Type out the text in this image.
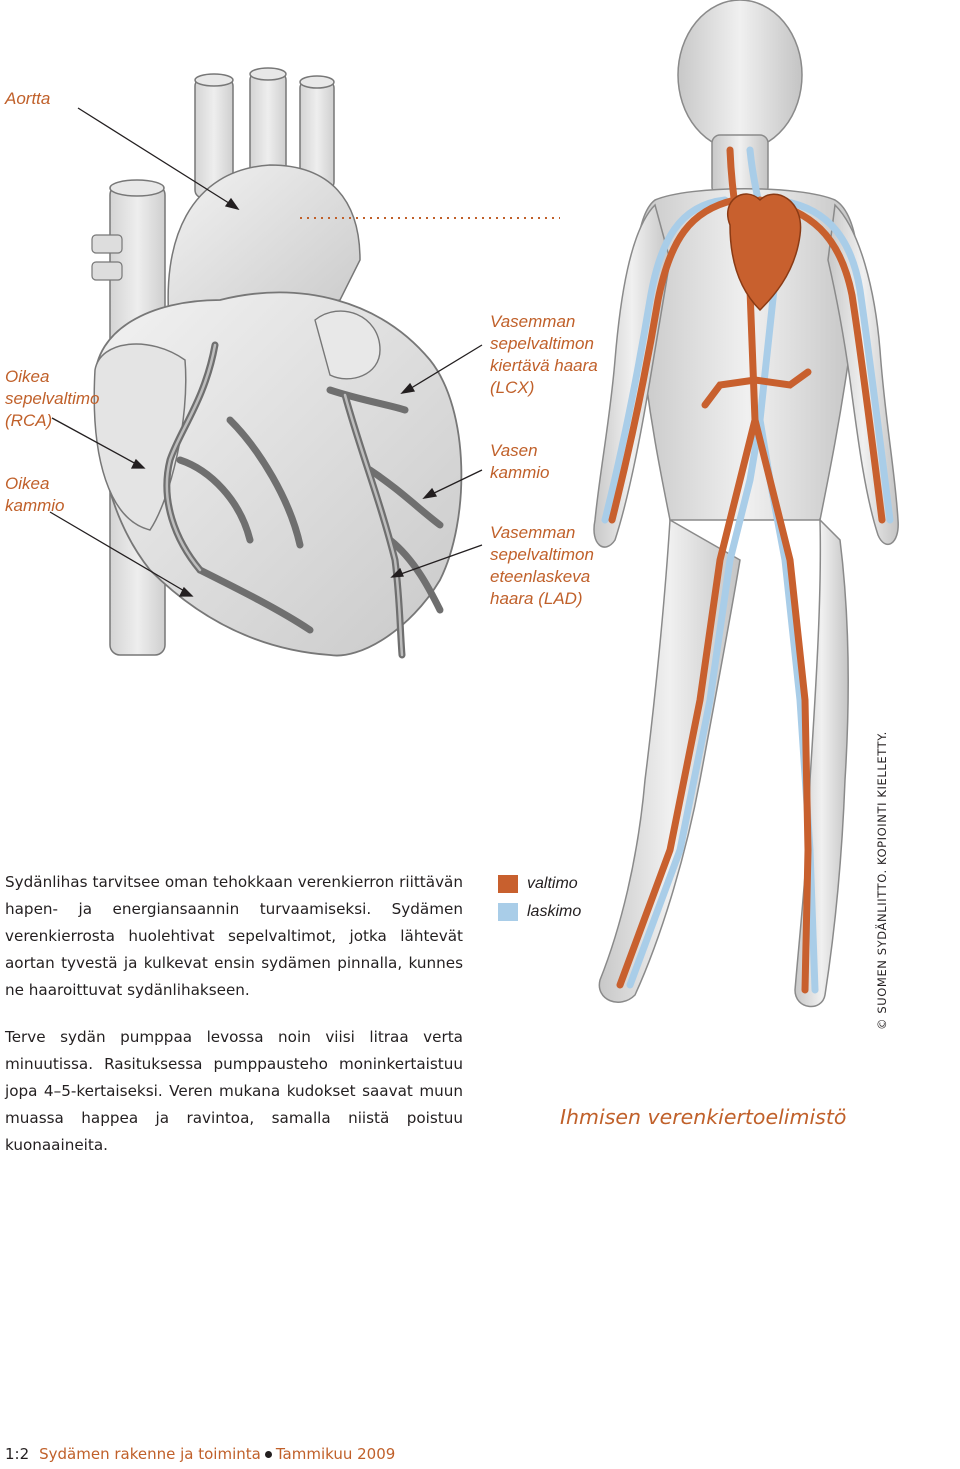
Aortta
Oikea
sepelvaltimo
(RCA)
Oikea
kammio
Vasemman
sepelvaltimon
kiertävä haara
(LCX)
Vasen
kammio
Vasemman
sepelvaltimon
eteenlaskeva
haara (LAD)
© SUOMEN SYDÄNLIITTO. KOPIOINTI KIELLETTY.

Sydänlihas tarvitsee oman tehokkaan verenkierron riittävän hapen- ja energiansaannin turvaamiseksi. Sydämen verenkierrosta huolehtivat sepelvaltimot, jotka lähtevät aortan tyvestä ja kulkevat ensin sydämen pinnalla, kunnes ne haaroittuvat sydänlihakseen.

Terve sydän pumppaa levossa noin viisi litraa verta minuutissa. Rasituksessa pumppausteho moninkertaistuu jopa 4–5-kertaiseksi. Veren mukana kudokset saavat muun muassa happea ja ravintoa, samalla niistä poistuu kuonaaineita.

valtimo
laskimo

Ihmisen verenkiertoelimistö

1:2 Sydämen rakenne ja toiminta Tammikuu 2009
